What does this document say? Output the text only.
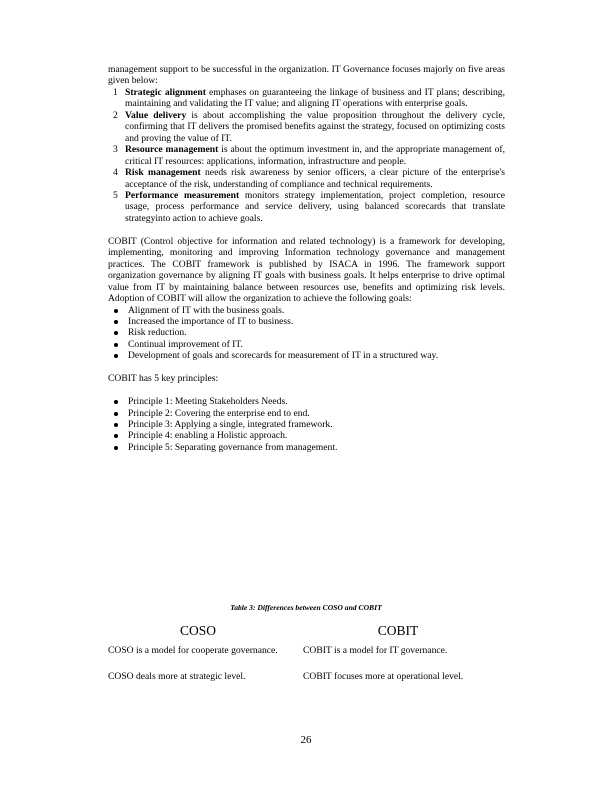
management support to be successful in the organization. IT Governance focuses majorly on five areas given below:

1 Strategic alignment emphases on guaranteeing the linkage of business and IT plans; describing, maintaining and validating the IT value; and aligning IT operations with enterprise goals.
2 Value delivery is about accomplishing the value proposition throughout the delivery cycle, confirming that IT delivers the promised benefits against the strategy, focused on optimizing costs and proving the value of IT.
3 Resource management is about the optimum investment in, and the appropriate management of, critical IT resources: applications, information, infrastructure and people.
4 Risk management needs risk awareness by senior officers, a clear picture of the enterprise's acceptance of the risk, understanding of compliance and technical requirements.
5 Performance measurement monitors strategy implementation, project completion, resource usage, process performance and service delivery, using balanced scorecards that translate strategyinto action to achieve goals.

COBIT (Control objective for information and related technology) is a framework for developing, implementing, monitoring and improving Information technology governance and management practices. The COBIT framework is published by ISACA in 1996. The framework support organization governance by aligning IT goals with business goals. It helps enterprise to drive optimal value from IT by maintaining balance between resources use, benefits and optimizing risk levels. Adoption of COBIT will allow the organization to achieve the following goals:

Alignment of IT with the business goals.
Increased the importance of IT to business.
Risk reduction.
Continual improvement of IT.
Development of goals and scorecards for measurement of IT in a structured way.

COBIT has 5 key principles:

Principle 1: Meeting Stakeholders Needs.
Principle 2: Covering the enterprise end to end.
Principle 3: Applying a single, integrated framework.
Principle 4: enabling a Holistic approach.
Principle 5: Separating governance from management.
Table 3: Differences between COSO and COBIT
COSO	COBIT
COSO is a model for cooperate governance.	COBIT is a model for IT governance.
COSO deals more at strategic level.	COBIT focuses more at operational level.
26
